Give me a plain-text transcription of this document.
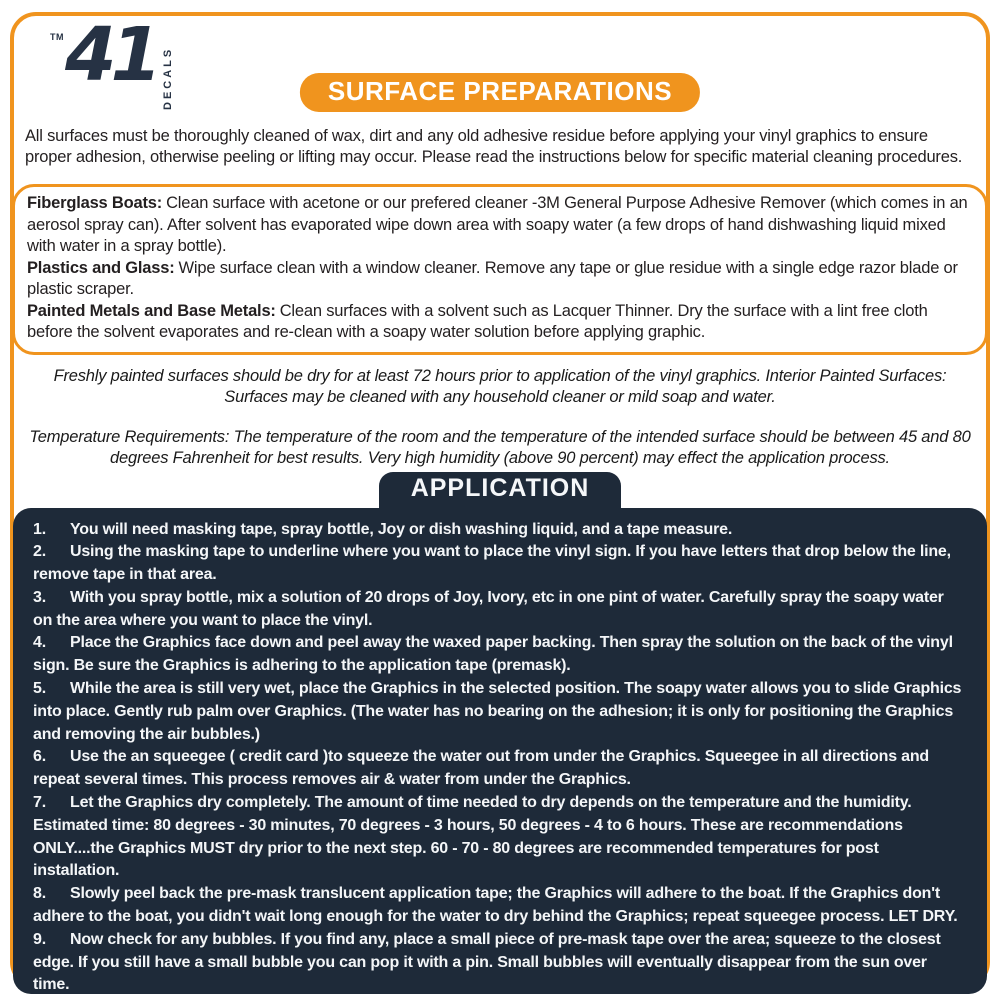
TM 41 DECALS	SURFACE PREPARATIONS

All surfaces must be thoroughly cleaned of wax, dirt and any old adhesive residue before applying your vinyl graphics to ensure proper adhesion, otherwise peeling or lifting may occur. Please read the instructions below for specific material cleaning procedures.

Fiberglass Boats: Clean surface with acetone or our prefered cleaner -3M General Purpose Adhesive Remover (which comes in an aerosol spray can). After solvent has evaporated wipe down area with soapy water (a few drops of hand dishwashing liquid mixed with water in a spray bottle).

Plastics and Glass: Wipe surface clean with a window cleaner. Remove any tape or glue residue with a single edge razor blade or plastic scraper.

Painted Metals and Base Metals: Clean surfaces with a solvent such as Lacquer Thinner. Dry the surface with a lint free cloth before the solvent evaporates and re-clean with a soapy water solution before applying graphic.

Freshly painted surfaces should be dry for at least 72 hours prior to application of the vinyl graphics. Interior Painted Surfaces: Surfaces may be cleaned with any household cleaner or mild soap and water.

Temperature Requirements: The temperature of the room and the temperature of the intended surface should be between 45 and 80 degrees Fahrenheit for best results. Very high humidity (above 90 percent) may effect the application process.

APPLICATION

1. You will need masking tape, spray bottle, Joy or dish washing liquid, and a tape measure.

2. Using the masking tape to underline where you want to place the vinyl sign. If you have letters that drop below the line, remove tape in that area.

3. With you spray bottle, mix a solution of 20 drops of Joy, Ivory, etc in one pint of water. Carefully spray the soapy water on the area where you want to place the vinyl.

4. Place the Graphics face down and peel away the waxed paper backing. Then spray the solution on the back of the vinyl sign. Be sure the Graphics is adhering to the application tape (premask).

5. While the area is still very wet, place the Graphics in the selected position. The soapy water allows you to slide Graphics into place. Gently rub palm over Graphics. (The water has no bearing on the adhesion; it is only for positioning the Graphics and removing the air bubbles.)

6. Use the an squeegee ( credit card )to squeeze the water out from under the Graphics. Squeegee in all directions and repeat several times. This process removes air & water from under the Graphics.

7. Let the Graphics dry completely. The amount of time needed to dry depends on the temperature and the humidity. Estimated time: 80 degrees - 30 minutes, 70 degrees - 3 hours, 50 degrees - 4 to 6 hours. These are recommendations ONLY....the Graphics MUST dry prior to the next step. 60 - 70 - 80 degrees are recommended temperatures for post installation.

8. Slowly peel back the pre-mask translucent application tape; the Graphics will adhere to the boat. If the Graphics don't adhere to the boat, you didn't wait long enough for the water to dry behind the Graphics; repeat squeegee process. LET DRY.

9. Now check for any bubbles. If you find any, place a small piece of pre-mask tape over the area; squeeze to the closest edge. If you still have a small bubble you can pop it with a pin. Small bubbles will eventually disappear from the sun over time.
